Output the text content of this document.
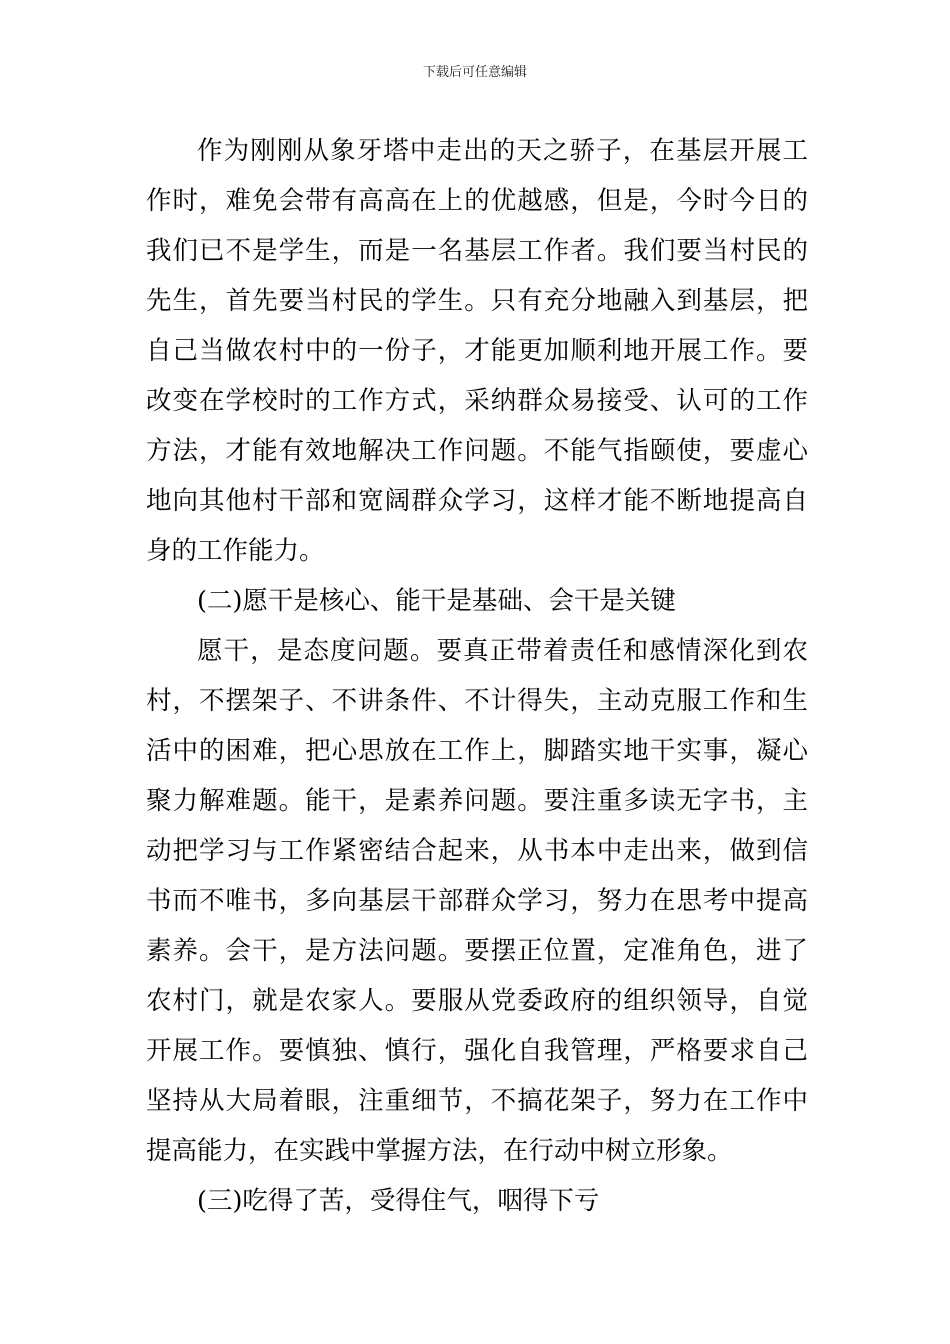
下载后可任意编辑
作为刚刚从象牙塔中走出的天之骄子，在基层开展工
作时，难免会带有高高在上的优越感，但是，今时今日的
我们已不是学生，而是一名基层工作者。我们要当村民的
先生，首先要当村民的学生。只有充分地融入到基层，把
自己当做农村中的一份子，才能更加顺利地开展工作。要
改变在学校时的工作方式，采纳群众易接受、认可的工作
方法，才能有效地解决工作问题。不能气指颐使，要虚心
地向其他村干部和宽阔群众学习，这样才能不断地提高自
身的工作能力。
(二)愿干是核心、能干是基础、会干是关键
愿干，是态度问题。要真正带着责任和感情深化到农
村，不摆架子、不讲条件、不计得失，主动克服工作和生
活中的困难，把心思放在工作上，脚踏实地干实事，凝心
聚力解难题。能干，是素养问题。要注重多读无字书，主
动把学习与工作紧密结合起来，从书本中走出来，做到信
书而不唯书，多向基层干部群众学习，努力在思考中提高
素养。会干，是方法问题。要摆正位置，定准角色，进了
农村门，就是农家人。要服从党委政府的组织领导，自觉
开展工作。要慎独、慎行，强化自我管理，严格要求自己
坚持从大局着眼，注重细节，不搞花架子，努力在工作中
提高能力，在实践中掌握方法，在行动中树立形象。
(三)吃得了苦，受得住气，咽得下亏
